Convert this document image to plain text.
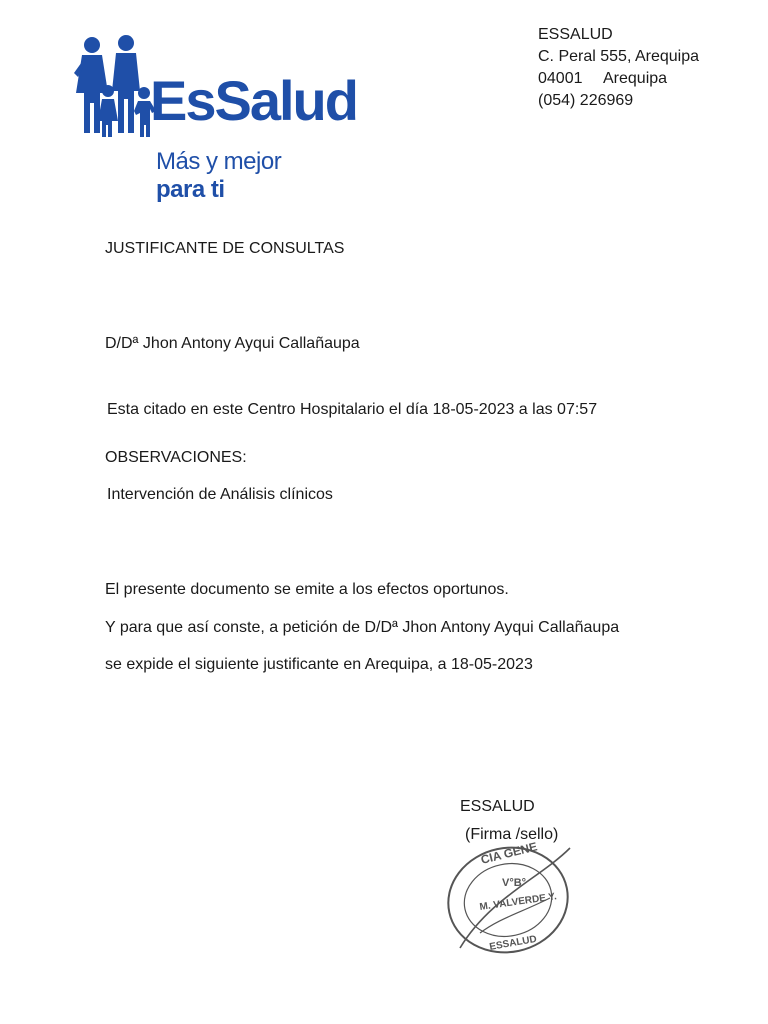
EsSalud
Más y mejor para ti
ESSALUD
C. Peral 555, Arequipa
04001 Arequipa
(054) 226969
JUSTIFICANTE DE CONSULTAS
D/Dª Jhon Antony Ayqui Callañaupa
Esta citado en este Centro Hospitalario el día 18-05-2023 a las 07:57
OBSERVACIONES:
Intervención de Análisis clínicos
El presente documento se emite a los efectos oportunos.
Y para que así conste, a petición de D/Dª Jhon Antony Ayqui Callañaupa
se expide el siguiente justificante en Arequipa, a 18-05-2023
ESSALUD
(Firma /sello)
CIA GENE
V°B°
M. VALVERDE Y.
ESSALUD
